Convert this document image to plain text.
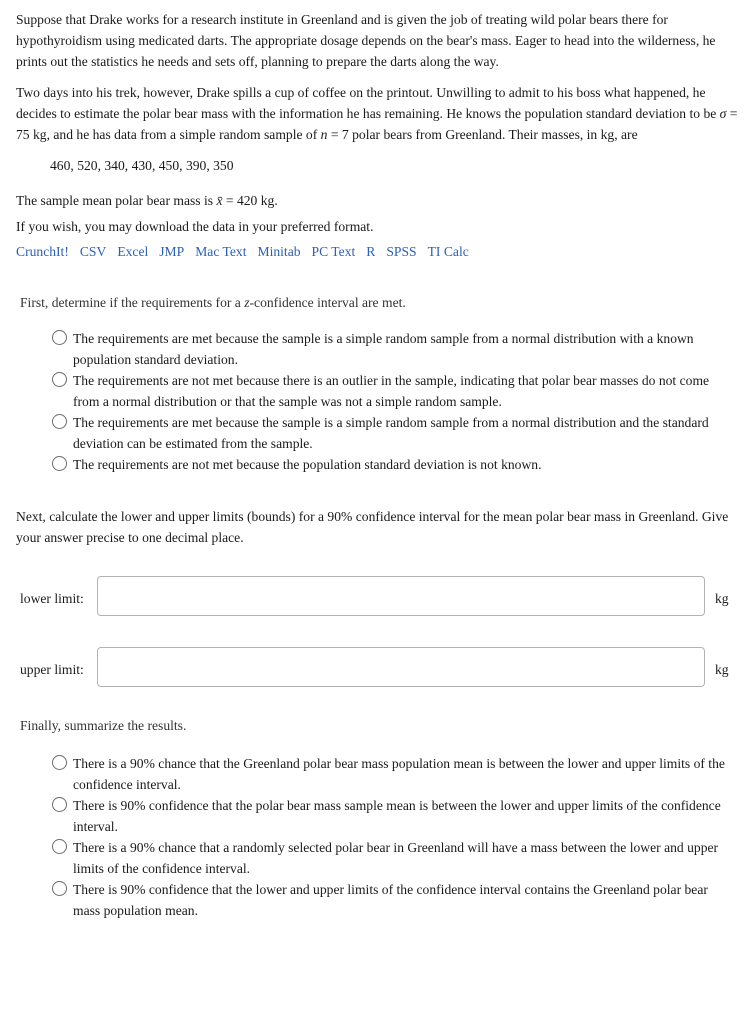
Suppose that Drake works for a research institute in Greenland and is given the job of treating wild polar bears there for hypothyroidism using medicated darts. The appropriate dosage depends on the bear's mass. Eager to head into the wilderness, he prints out the statistics he needs and sets off, planning to prepare the darts along the way.

Two days into his trek, however, Drake spills a cup of coffee on the printout. Unwilling to admit to his boss what happened, he decides to estimate the polar bear mass with the information he has remaining. He knows the population standard deviation to be σ = 75 kg, and he has data from a simple random sample of n = 7 polar bears from Greenland. Their masses, in kg, are

460, 520, 340, 430, 450, 390, 350

The sample mean polar bear mass is x̄ = 420 kg.

If you wish, you may download the data in your preferred format.

CrunchIt! CSV Excel JMP Mac Text Minitab PC Text R SPSS TI Calc

First, determine if the requirements for a z-confidence interval are met.

The requirements are met because the sample is a simple random sample from a normal distribution with a known population standard deviation.
The requirements are not met because there is an outlier in the sample, indicating that polar bear masses do not come from a normal distribution or that the sample was not a simple random sample.
The requirements are met because the sample is a simple random sample from a normal distribution and the standard deviation can be estimated from the sample.
The requirements are not met because the population standard deviation is not known.

Next, calculate the lower and upper limits (bounds) for a 90% confidence interval for the mean polar bear mass in Greenland. Give your answer precise to one decimal place.

lower limit:	kg
upper limit:	kg

Finally, summarize the results.

There is a 90% chance that the Greenland polar bear mass population mean is between the lower and upper limits of the confidence interval.
There is 90% confidence that the polar bear mass sample mean is between the lower and upper limits of the confidence interval.
There is a 90% chance that a randomly selected polar bear in Greenland will have a mass between the lower and upper limits of the confidence interval.
There is 90% confidence that the lower and upper limits of the confidence interval contains the Greenland polar bear mass population mean.
